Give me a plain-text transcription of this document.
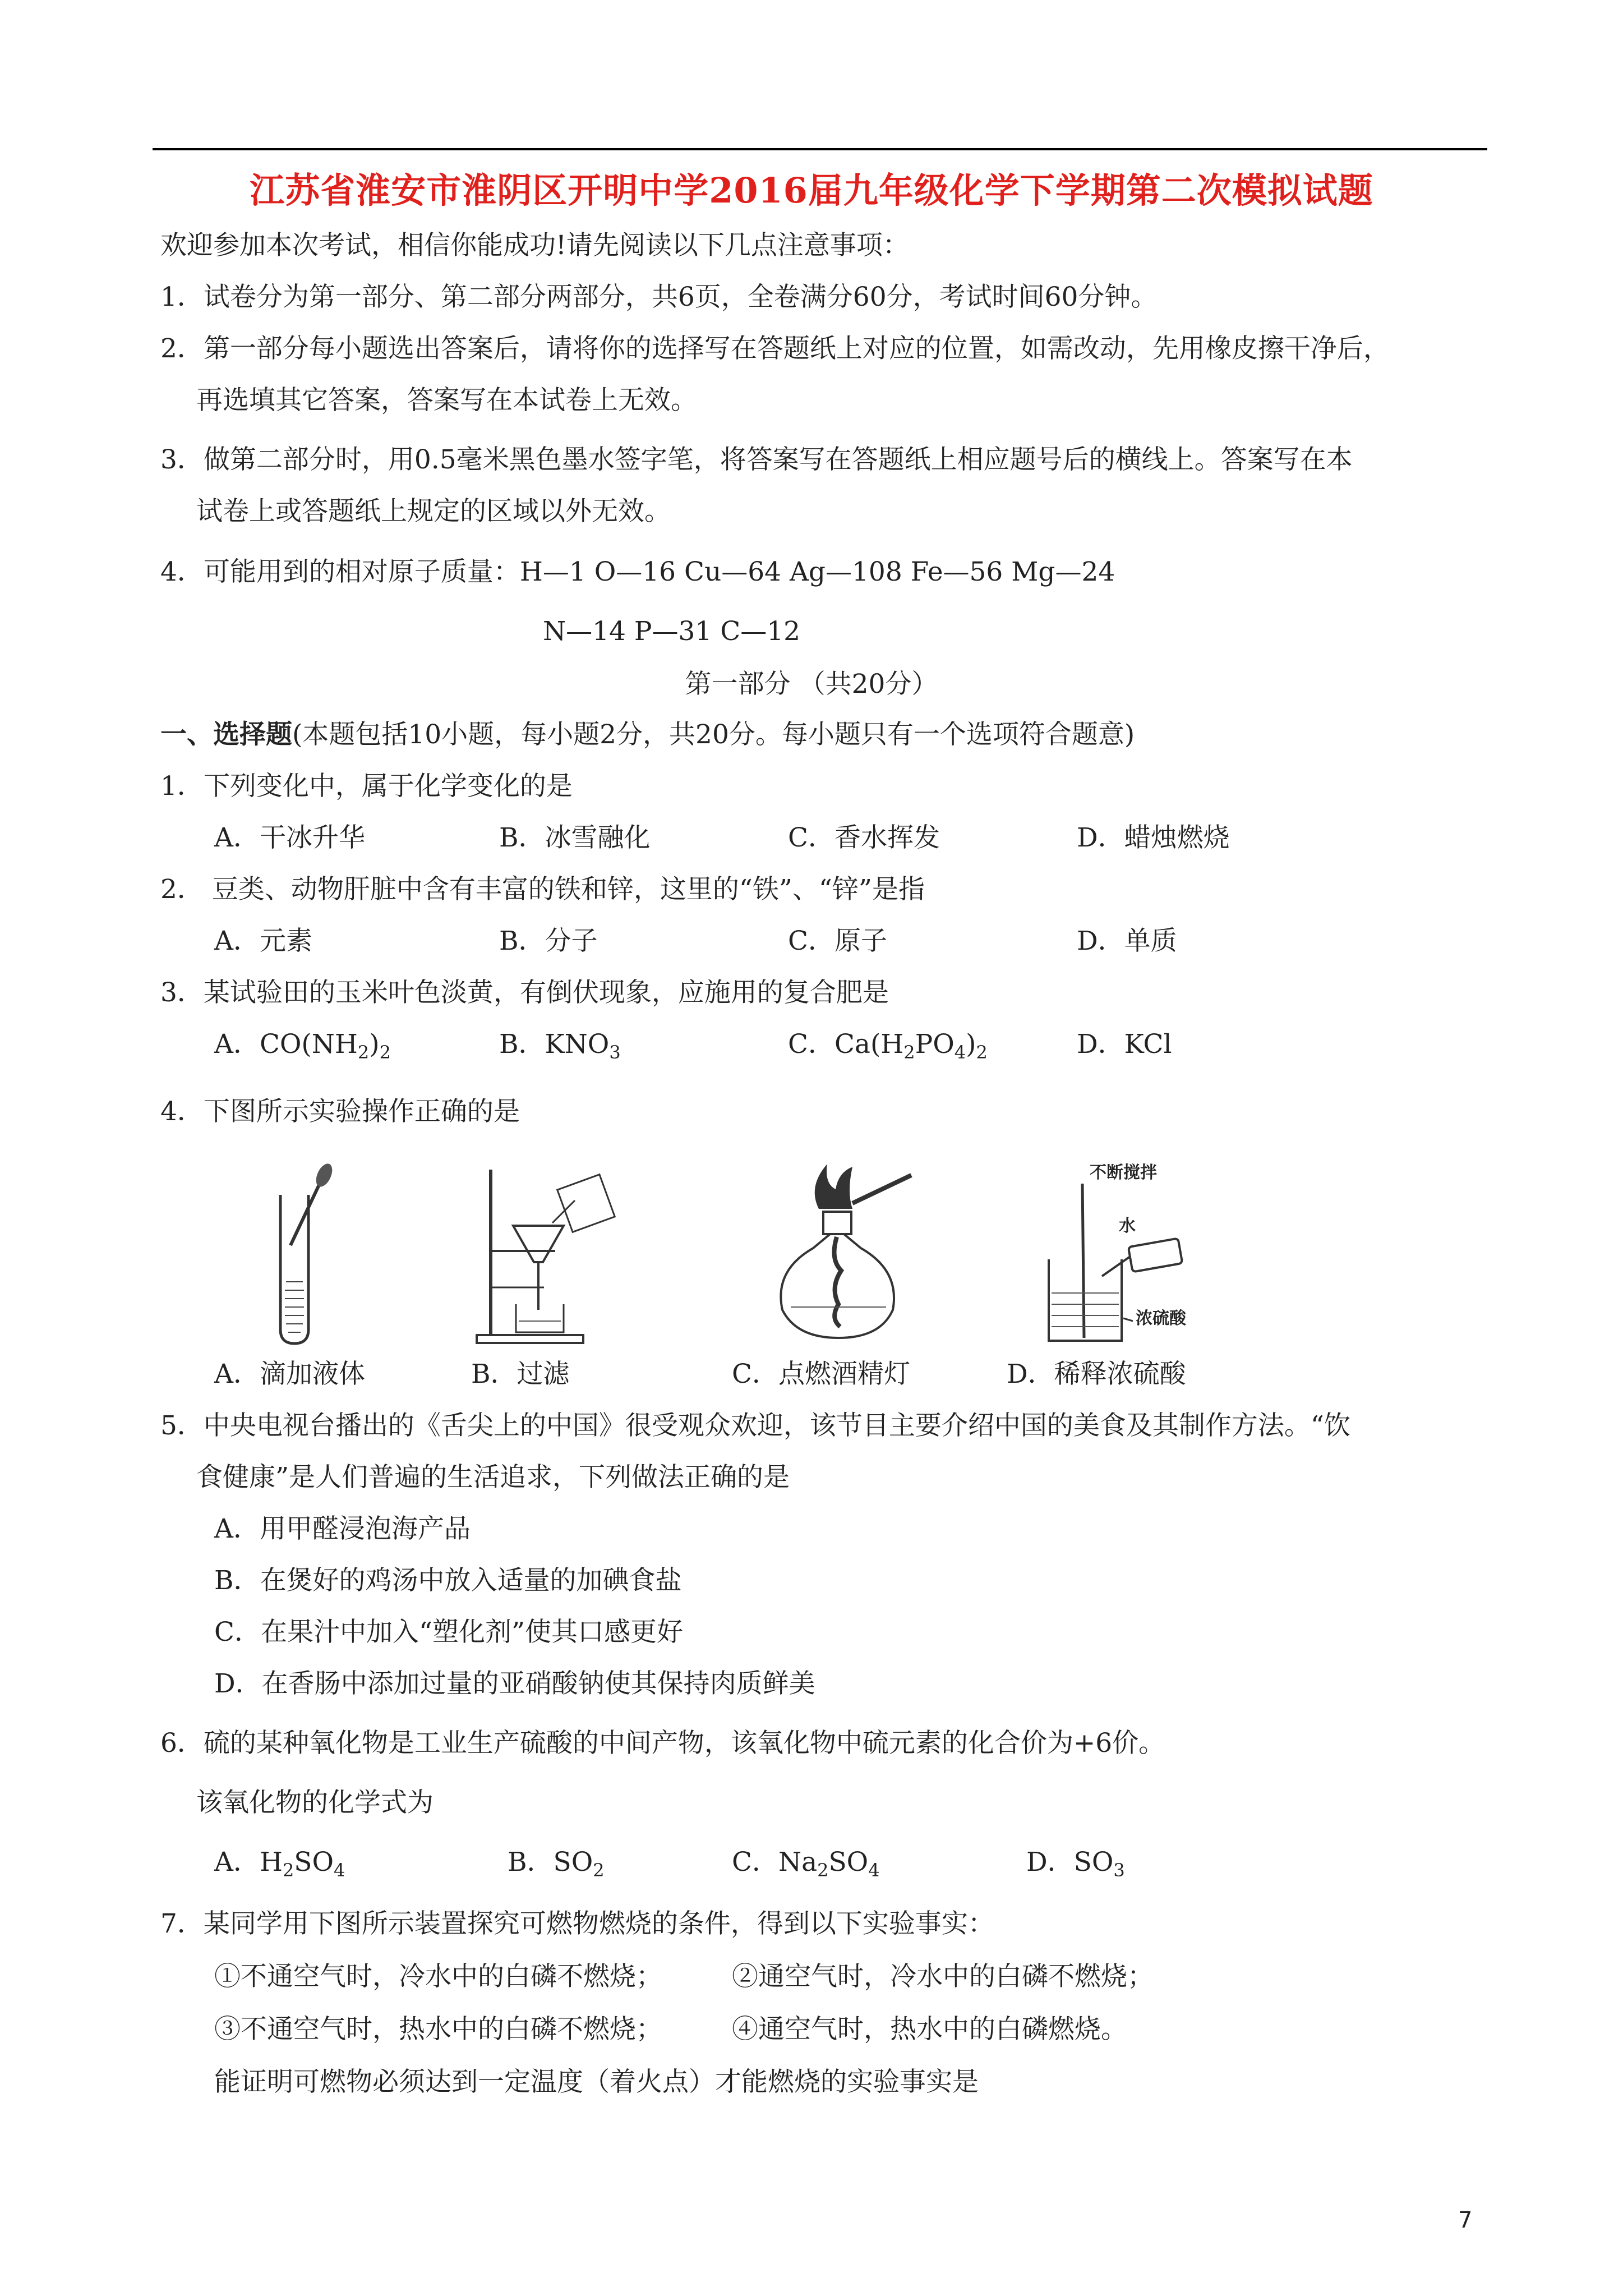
江苏省淮安市淮阴区开明中学2016届九年级化学下学期第二次模拟试题
欢迎参加本次考试，相信你能成功!请先阅读以下几点注意事项：
1．试卷分为第一部分、第二部分两部分，共6页，全卷满分60分，考试时间60分钟。
2．第一部分每小题选出答案后，请将你的选择写在答题纸上对应的位置，如需改动，先用橡皮擦干净后，
再选填其它答案，答案写在本试卷上无效。
3．做第二部分时，用0.5毫米黑色墨水签字笔，将答案写在答题纸上相应题号后的横线上。答案写在本
试卷上或答题纸上规定的区域以外无效。
4．可能用到的相对原子质量：H—1 O—16 Cu—64 Ag—108 Fe—56 Mg—24
N—14 P—31 C—12
第一部分 （共20分）
一、选择题(本题包括10小题，每小题2分，共20分。每小题只有一个选项符合题意)
1．下列变化中，属于化学变化的是
A．干冰升华	B．冰雪融化	C．香水挥发	D．蜡烛燃烧
2． 豆类、动物肝脏中含有丰富的铁和锌，这里的“铁”、“锌”是指
A．元素	B．分子	C．原子	D．单质
3．某试验田的玉米叶色淡黄，有倒伏现象，应施用的复合肥是
A．$CO(NH_2)_2$	B．$KNO_3$	C．$Ca(H_2PO_4)_2$	D．KCl
4．下图所示实验操作正确的是
不断搅拌
水
浓硫酸
A．滴加液体	B．过滤	C．点燃酒精灯	D．稀释浓硫酸
5．中央电视台播出的《舌尖上的中国》很受观众欢迎，该节目主要介绍中国的美食及其制作方法。“饮
食健康”是人们普遍的生活追求，下列做法正确的是
A．用甲醛浸泡海产品
B．在煲好的鸡汤中放入适量的加碘食盐
C．在果汁中加入“塑化剂”使其口感更好
D．在香肠中添加过量的亚硝酸钠使其保持肉质鲜美
6．硫的某种氧化物是工业生产硫酸的中间产物，该氧化物中硫元素的化合价为+6价。
该氧化物的化学式为
A．$H_2SO_4$	B．$SO_2$	C．$Na_2SO_4$	D．$SO_3$
7．某同学用下图所示装置探究可燃物燃烧的条件，得到以下实验事实：
①不通空气时，冷水中的白磷不燃烧；	②通空气时，冷水中的白磷不燃烧；
③不通空气时，热水中的白磷不燃烧；	④通空气时，热水中的白磷燃烧。
能证明可燃物必须达到一定温度（着火点）才能燃烧的实验事实是
7
